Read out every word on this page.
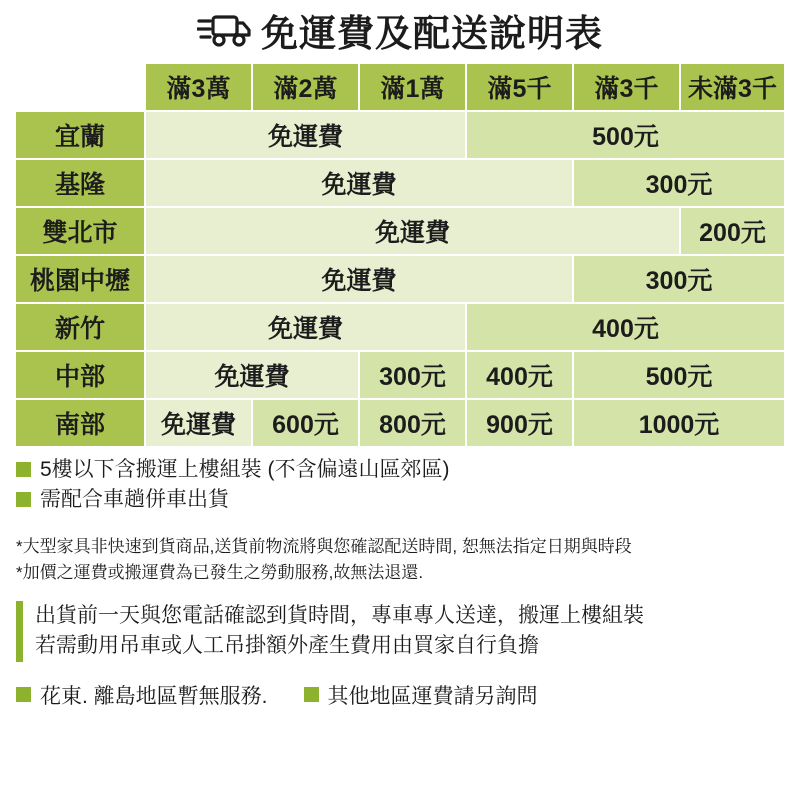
免運費及配送說明表
	滿3萬	滿2萬	滿1萬	滿5千	滿3千	未滿3千
宜蘭	免運費			500元		
基隆	免運費				300元	
雙北市	免運費					200元
桃園中壢	免運費				300元	
新竹	免運費			400元		
中部	免運費		300元	400元	500元	
南部	免運費	600元	800元	900元	1000元	
5樓以下含搬運上樓組裝 (不含偏遠山區郊區)
需配合車趟併車出貨
*大型家具非快速到貨商品,送貨前物流將與您確認配送時間, 恕無法指定日期與時段
*加價之運費或搬運費為已發生之勞動服務,故無法退還.
出貨前一天與您電話確認到貨時間，專車專人送達，搬運上樓組裝
若需動用吊車或人工吊掛額外產生費用由買家自行負擔
花東. 離島地區暫無服務.	其他地區運費請另詢問
